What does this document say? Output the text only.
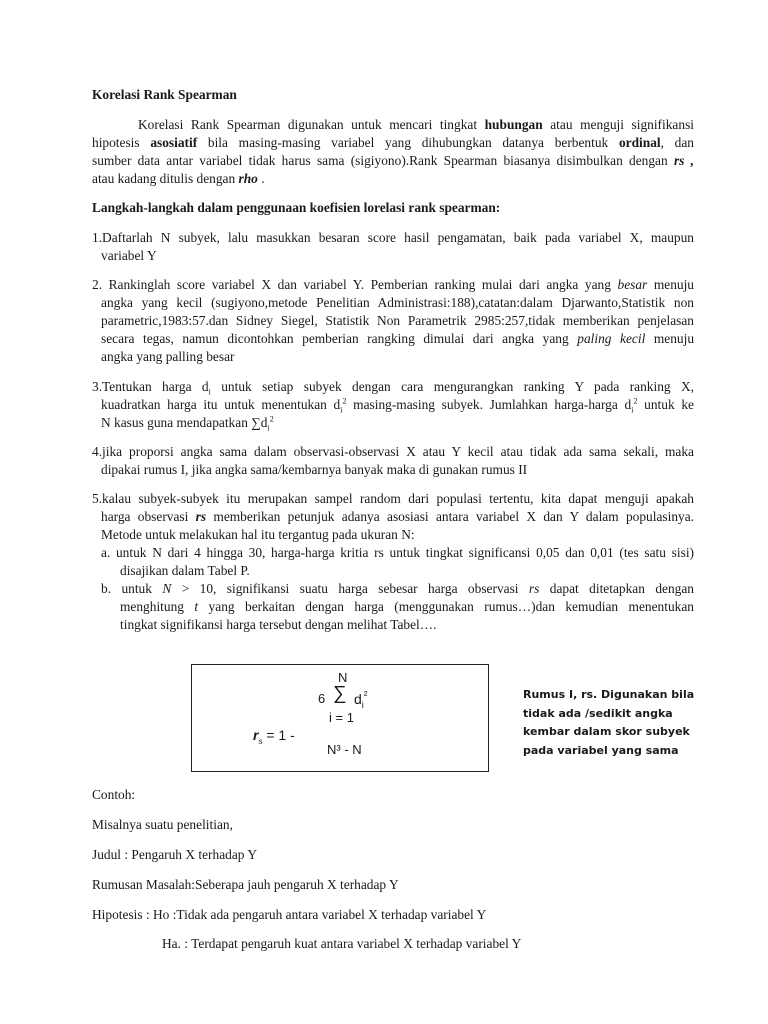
Korelasi Rank Spearman
Korelasi Rank Spearman digunakan untuk mencari tingkat hubungan atau menguji signifikansi
hipotesis asosiatif bila masing-masing variabel yang dihubungkan datanya berbentuk ordinal, dan
sumber data antar variabel tidak harus sama (sigiyono).Rank Spearman biasanya disimbulkan dengan rs ,
atau kadang ditulis dengan rho .
Langkah-langkah dalam penggunaan koefisien lorelasi rank spearman:
1.Daftarlah N subyek, lalu masukkan besaran score hasil pengamatan, baik pada variabel X, maupun
variabel Y
2. Rankinglah score variabel X dan variabel Y. Pemberian ranking mulai dari angka yang besar menuju
angka yang kecil (sugiyono,metode Penelitian Administrasi:188),catatan:dalam Djarwanto,Statistik non
parametric,1983:57.dan Sidney Siegel, Statistik Non Parametrik 2985:257,tidak memberikan penjelasan
secara tegas, namun dicontohkan pemberian rangking dimulai dari angka yang paling kecil menuju
angka yang palling besar
3.Tentukan harga $d_i$ untuk setiap subyek dengan cara mengurangkan ranking Y pada ranking X,
kuadratkan harga itu untuk menentukan $d_i^2$ masing-masing subyek. Jumlahkan harga-harga $d_i^2$ untuk ke
N kasus guna mendapatkan $\sum d_i^2$
4.jika proporsi angka sama dalam observasi-observasi X atau Y kecil atau tidak ada sama sekali, maka
dipakai rumus I, jika angka sama/kembarnya banyak maka di gunakan rumus II
5.kalau subyek-subyek itu merupakan sampel random dari populasi tertentu, kita dapat menguji apakah
harga observasi rs memberikan petunjuk adanya asosiasi antara variabel X dan Y dalam populasinya.
Metode untuk melakukan hal itu tergantug pada ukuran N:
a. untuk N dari 4 hingga 30, harga-harga kritia rs untuk tingkat significansi 0,05 dan 0,01 (tes satu sisi)
disajikan dalam Tabel P.
b. untuk N > 10, signifikansi suatu harga sebesar harga observasi rs dapat ditetapkan dengan
menghitung t yang berkaitan dengan harga (menggunakan rumus…)dan kemudian menentukan
tingkat signifikansi harga tersebut dengan melihat Tabel….
N
6 ∑ $d_i^{^2}$
i = 1
$r_s = 1$ -
N³ - N
Rumus I, rs. Digunakan bila
tidak ada /sedikit angka
kembar dalam skor subyek
pada variabel yang sama
Contoh:
Misalnya suatu penelitian,
Judul : Pengaruh X terhadap Y
Rumusan Masalah:Seberapa jauh pengaruh X terhadap Y
Hipotesis : Ho :Tidak ada pengaruh antara variabel X terhadap variabel Y
Ha. : Terdapat pengaruh kuat antara variabel X terhadap variabel Y
